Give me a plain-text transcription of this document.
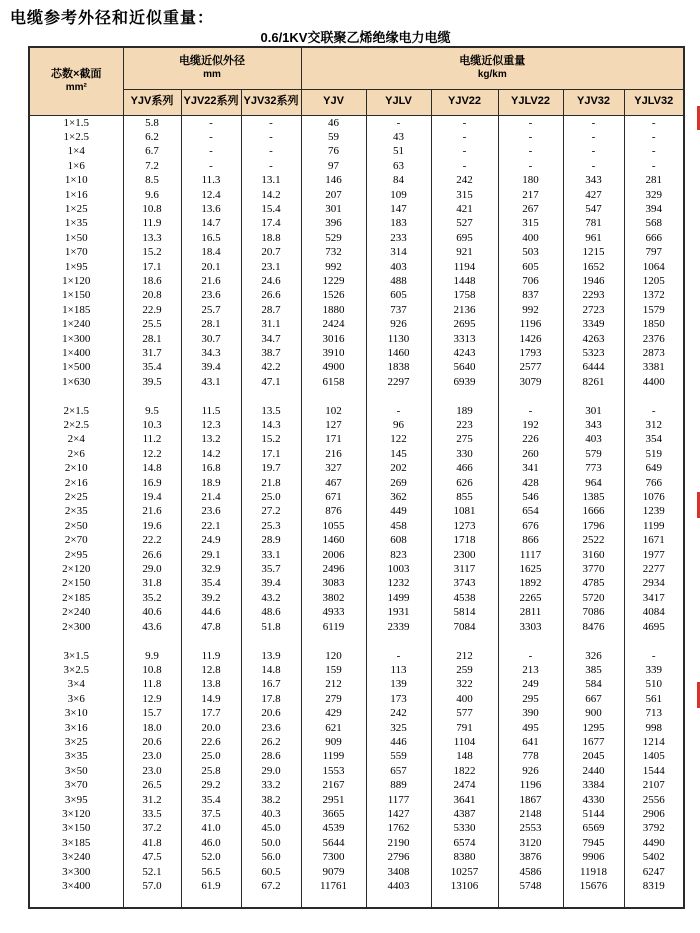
电缆参考外径和近似重量：
0.6/1KV交联聚乙烯绝缘电力电缆
芯数×截面
mm²	电缆近似外径
mm			电缆近似重量
kg/km					

	YJV系列	YJV22系列	YJV32系列	YJV	YJLV	YJV22	YJLV22	YJV32	YJLV32
1×1.5	5.8	-	-	46	-	-	-	-	-
1×2.5	6.2	-	-	59	43	-	-	-	-
1×4	6.7	-	-	76	51	-	-	-	-
1×6	7.2	-	-	97	63	-	-	-	-
1×10	8.5	11.3	13.1	146	84	242	180	343	281
1×16	9.6	12.4	14.2	207	109	315	217	427	329
1×25	10.8	13.6	15.4	301	147	421	267	547	394
1×35	11.9	14.7	17.4	396	183	527	315	781	568
1×50	13.3	16.5	18.8	529	233	695	400	961	666
1×70	15.2	18.4	20.7	732	314	921	503	1215	797
1×95	17.1	20.1	23.1	992	403	1194	605	1652	1064
1×120	18.6	21.6	24.6	1229	488	1448	706	1946	1205
1×150	20.8	23.6	26.6	1526	605	1758	837	2293	1372
1×185	22.9	25.7	28.7	1880	737	2136	992	2723	1579
1×240	25.5	28.1	31.1	2424	926	2695	1196	3349	1850
1×300	28.1	30.7	34.7	3016	1130	3313	1426	4263	2376
1×400	31.7	34.3	38.7	3910	1460	4243	1793	5323	2873
1×500	35.4	39.4	42.2	4900	1838	5640	2577	6444	3381
1×630	39.5	43.1	47.1	6158	2297	6939	3079	8261	4400

2×1.5	9.5	11.5	13.5	102	-	189	-	301	-
2×2.5	10.3	12.3	14.3	127	96	223	192	343	312
2×4	11.2	13.2	15.2	171	122	275	226	403	354
2×6	12.2	14.2	17.1	216	145	330	260	579	519
2×10	14.8	16.8	19.7	327	202	466	341	773	649
2×16	16.9	18.9	21.8	467	269	626	428	964	766
2×25	19.4	21.4	25.0	671	362	855	546	1385	1076
2×35	21.6	23.6	27.2	876	449	1081	654	1666	1239
2×50	19.6	22.1	25.3	1055	458	1273	676	1796	1199
2×70	22.2	24.9	28.9	1460	608	1718	866	2522	1671
2×95	26.6	29.1	33.1	2006	823	2300	1117	3160	1977
2×120	29.0	32.9	35.7	2496	1003	3117	1625	3770	2277
2×150	31.8	35.4	39.4	3083	1232	3743	1892	4785	2934
2×185	35.2	39.2	43.2	3802	1499	4538	2265	5720	3417
2×240	40.6	44.6	48.6	4933	1931	5814	2811	7086	4084
2×300	43.6	47.8	51.8	6119	2339	7084	3303	8476	4695

3×1.5	9.9	11.9	13.9	120	-	212	-	326	-
3×2.5	10.8	12.8	14.8	159	113	259	213	385	339
3×4	11.8	13.8	16.7	212	139	322	249	584	510
3×6	12.9	14.9	17.8	279	173	400	295	667	561
3×10	15.7	17.7	20.6	429	242	577	390	900	713
3×16	18.0	20.0	23.6	621	325	791	495	1295	998
3×25	20.6	22.6	26.2	909	446	1104	641	1677	1214
3×35	23.0	25.0	28.6	1199	559	148	778	2045	1405
3×50	23.0	25.8	29.0	1553	657	1822	926	2440	1544
3×70	26.5	29.2	33.2	2167	889	2474	1196	3384	2107
3×95	31.2	35.4	38.2	2951	1177	3641	1867	4330	2556
3×120	33.5	37.5	40.3	3665	1427	4387	2148	5144	2906
3×150	37.2	41.0	45.0	4539	1762	5330	2553	6569	3792
3×185	41.8	46.0	50.0	5644	2190	6574	3120	7945	4490
3×240	47.5	52.0	56.0	7300	2796	8380	3876	9906	5402
3×300	52.1	56.5	60.5	9079	3408	10257	4586	11918	6247
3×400	57.0	61.9	67.2	11761	4403	13106	5748	15676	8319
